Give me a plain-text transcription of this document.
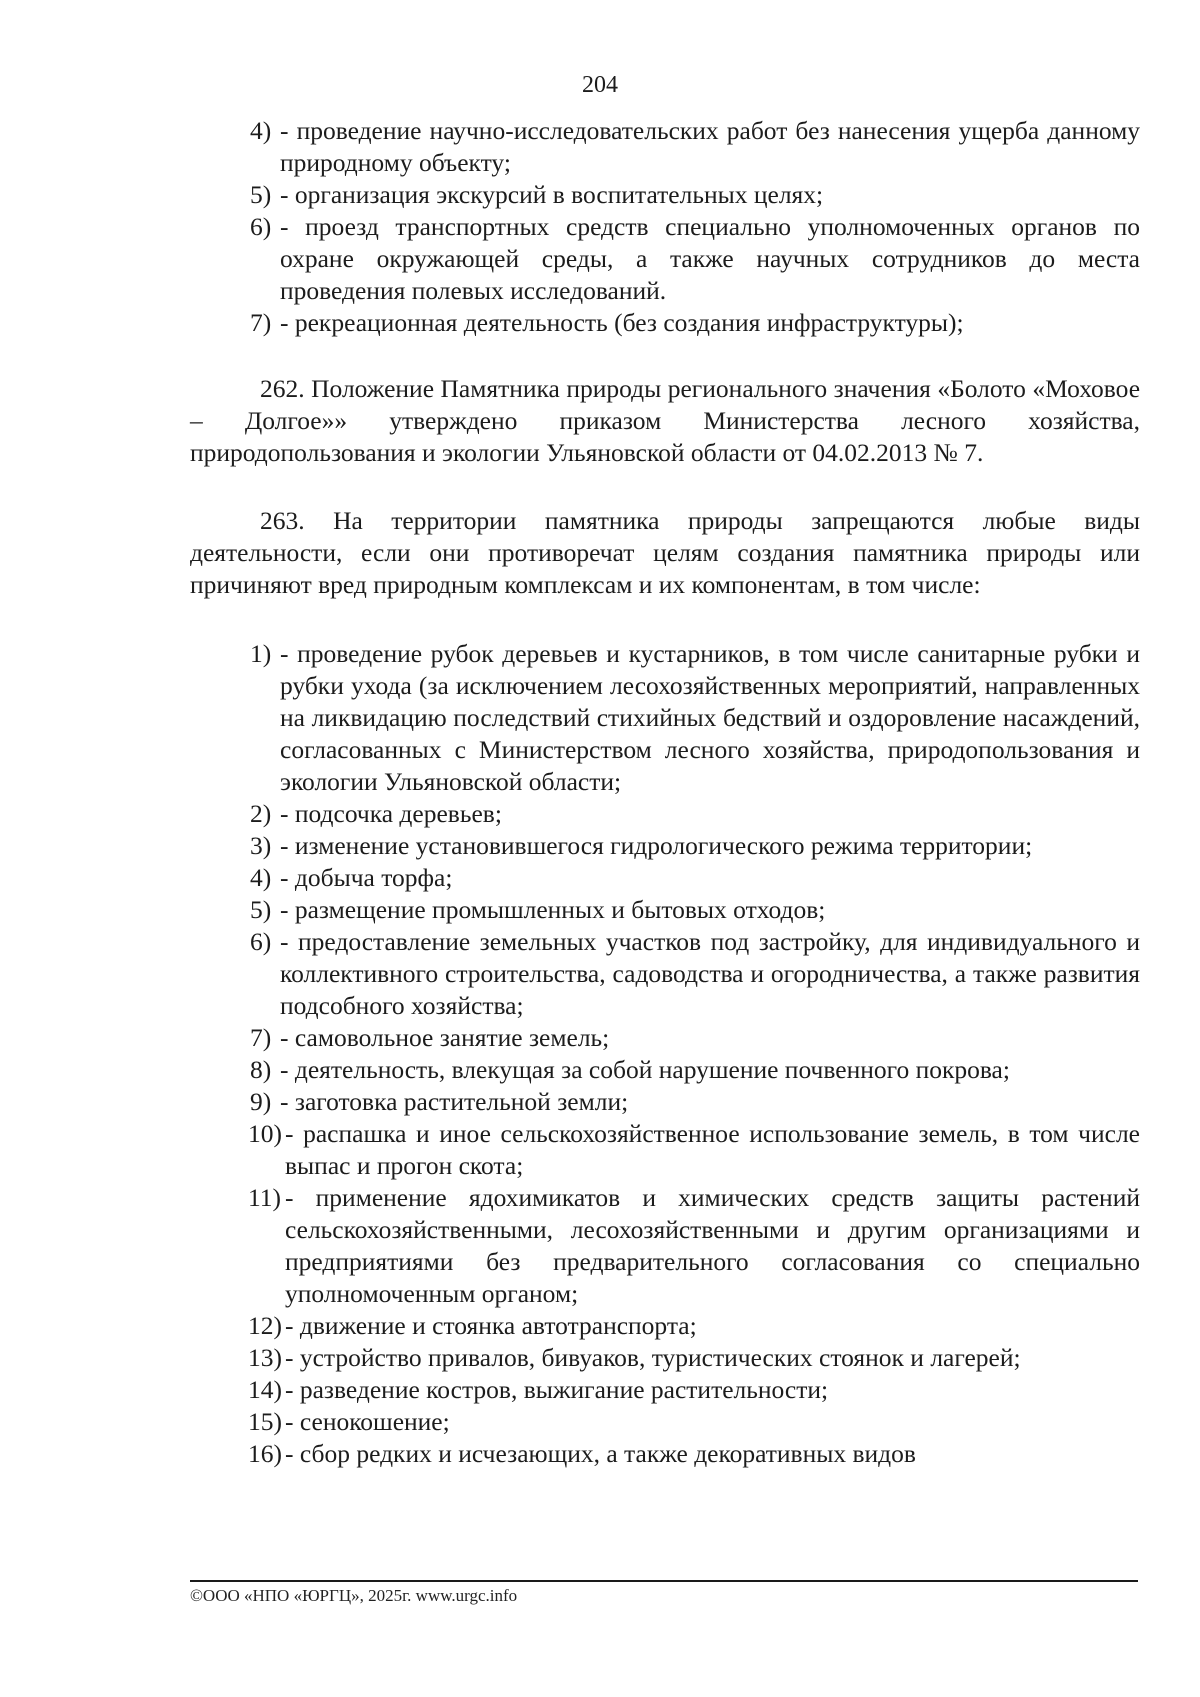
204
4) - проведение научно-исследовательских работ без нанесения ущерба данному природному объекту;
5) - организация экскурсий в воспитательных целях;
6) - проезд транспортных средств специально уполномоченных органов по охране окружающей среды, а также научных сотрудников до места проведения полевых исследований.
7) - рекреационная деятельность (без создания инфраструктуры);
262. Положение Памятника природы регионального значения «Болото «Моховое – Долгое»» утверждено приказом Министерства лесного хозяйства, природопользования и экологии Ульяновской области от 04.02.2013 № 7.
263. На территории памятника природы запрещаются любые виды деятельности, если они противоречат целям создания памятника природы или причиняют вред природным комплексам и их компонентам, в том числе:
1) - проведение рубок деревьев и кустарников, в том числе санитарные рубки и рубки ухода (за исключением лесохозяйственных мероприятий, направленных на ликвидацию последствий стихийных бедствий и оздоровление насаждений, согласованных с Министерством лесного хозяйства, природопользования и экологии Ульяновской области;
2) - подсочка деревьев;
3) - изменение установившегося гидрологического режима территории;
4) - добыча торфа;
5) - размещение промышленных и бытовых отходов;
6) - предоставление земельных участков под застройку, для индивидуального и коллективного строительства, садоводства и огородничества, а также развития подсобного хозяйства;
7) - самовольное занятие земель;
8) - деятельность, влекущая за собой нарушение почвенного покрова;
9) - заготовка растительной земли;
10) - распашка и иное сельскохозяйственное использование земель, в том числе выпас и прогон скота;
11) - применение ядохимикатов и химических средств защиты растений сельскохозяйственными, лесохозяйственными и другим организациями и предприятиями без предварительного согласования со специально уполномоченным органом;
12) - движение и стоянка автотранспорта;
13) - устройство привалов, бивуаков, туристических стоянок и лагерей;
14) - разведение костров, выжигание растительности;
15) - сенокошение;
16) - сбор редких и исчезающих, а также декоративных видов
©ООО «НПО «ЮРГЦ», 2025г. www.urgc.info
